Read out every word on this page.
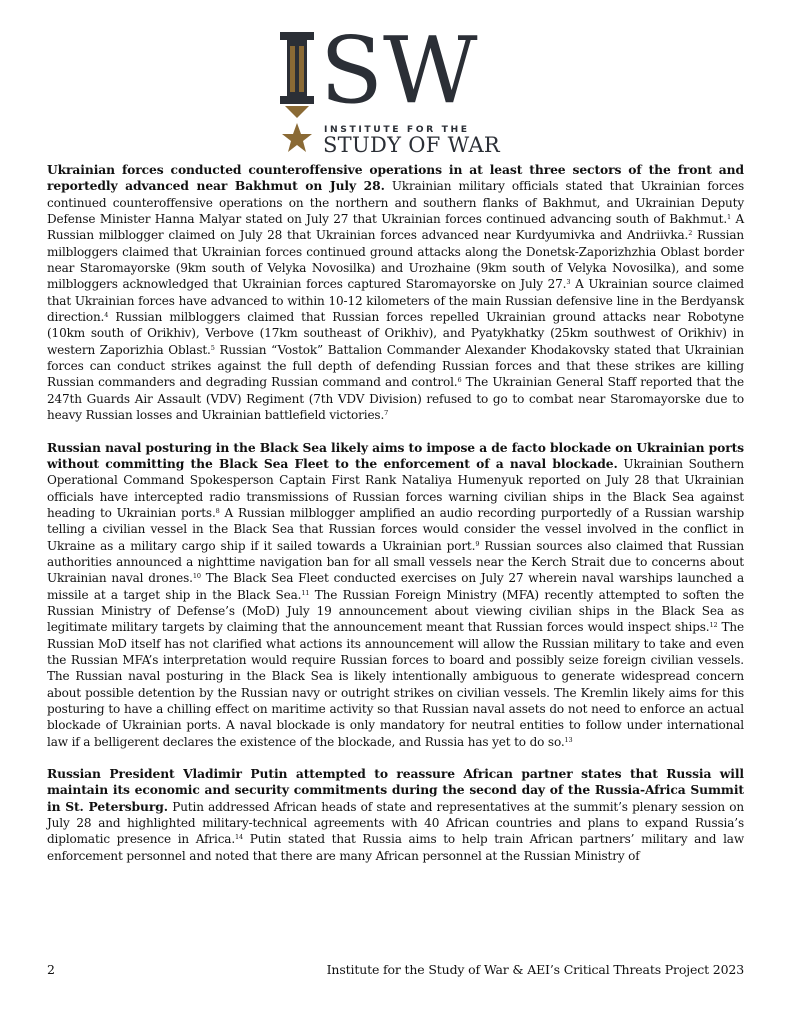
SW
INSTITUTE FOR THE
STUDY OF WAR

Ukrainian forces conducted counteroffensive operations in at least three sectors of the front and reportedly advanced near Bakhmut on July 28. Ukrainian military officials stated that Ukrainian forces continued counteroffensive operations on the northern and southern flanks of Bakhmut, and Ukrainian Deputy Defense Minister Hanna Malyar stated on July 27 that Ukrainian forces continued advancing south of Bakhmut.$^1$ A Russian milblogger claimed on July 28 that Ukrainian forces advanced near Kurdyumivka and Andriivka.$^2$ Russian milbloggers claimed that Ukrainian forces continued ground attacks along the Donetsk-Zaporizhzhia Oblast border near Staromayorske (9km south of Velyka Novosilka) and Urozhaine (9km south of Velyka Novosilka), and some milbloggers acknowledged that Ukrainian forces captured Staromayorske on July 27.$^3$ A Ukrainian source claimed that Ukrainian forces have advanced to within 10-12 kilometers of the main Russian defensive line in the Berdyansk direction.$^4$ Russian milbloggers claimed that Russian forces repelled Ukrainian ground attacks near Robotyne (10km south of Orikhiv), Verbove (17km southeast of Orikhiv), and Pyatykhatky (25km southwest of Orikhiv) in western Zaporizhia Oblast.$^5$ Russian “Vostok” Battalion Commander Alexander Khodakovsky stated that Ukrainian forces can conduct strikes against the full depth of defending Russian forces and that these strikes are killing Russian commanders and degrading Russian command and control.$^6$ The Ukrainian General Staff reported that the 247th Guards Air Assault (VDV) Regiment (7th VDV Division) refused to go to combat near Staromayorske due to heavy Russian losses and Ukrainian battlefield victories.$^7$

Russian naval posturing in the Black Sea likely aims to impose a de facto blockade on Ukrainian ports without committing the Black Sea Fleet to the enforcement of a naval blockade. Ukrainian Southern Operational Command Spokesperson Captain First Rank Nataliya Humenyuk reported on July 28 that Ukrainian officials have intercepted radio transmissions of Russian forces warning civilian ships in the Black Sea against heading to Ukrainian ports.$^8$ A Russian milblogger amplified an audio recording purportedly of a Russian warship telling a civilian vessel in the Black Sea that Russian forces would consider the vessel involved in the conflict in Ukraine as a military cargo ship if it sailed towards a Ukrainian port.$^9$ Russian sources also claimed that Russian authorities announced a nighttime navigation ban for all small vessels near the Kerch Strait due to concerns about Ukrainian naval drones.$^{10}$ The Black Sea Fleet conducted exercises on July 27 wherein naval warships launched a missile at a target ship in the Black Sea.$^{11}$ The Russian Foreign Ministry (MFA) recently attempted to soften the Russian Ministry of Defense’s (MoD) July 19 announcement about viewing civilian ships in the Black Sea as legitimate military targets by claiming that the announcement meant that Russian forces would inspect ships.$^{12}$ The Russian MoD itself has not clarified what actions its announcement will allow the Russian military to take and even the Russian MFA’s interpretation would require Russian forces to board and possibly seize foreign civilian vessels. The Russian naval posturing in the Black Sea is likely intentionally ambiguous to generate widespread concern about possible detention by the Russian navy or outright strikes on civilian vessels. The Kremlin likely aims for this posturing to have a chilling effect on maritime activity so that Russian naval assets do not need to enforce an actual blockade of Ukrainian ports. A naval blockade is only mandatory for neutral entities to follow under international law if a belligerent declares the existence of the blockade, and Russia has yet to do so.$^{13}$

Russian President Vladimir Putin attempted to reassure African partner states that Russia will maintain its economic and security commitments during the second day of the Russia-Africa Summit in St. Petersburg. Putin addressed African heads of state and representatives at the summit’s plenary session on July 28 and highlighted military-technical agreements with 40 African countries and plans to expand Russia’s diplomatic presence in Africa.$^{14}$ Putin stated that Russia aims to help train African partners’ military and law enforcement personnel and noted that there are many African personnel at the Russian Ministry of

2	Institute for the Study of War & AEI’s Critical Threats Project 2023
